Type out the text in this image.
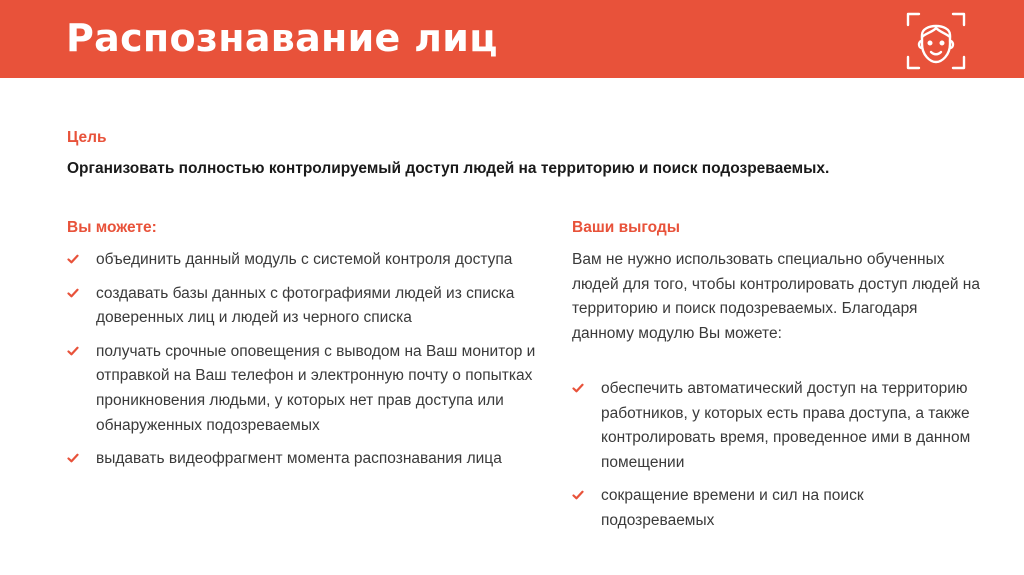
Распознавание лиц
Цель
Организовать полностью контролируемый доступ людей на территорию и поиск подозреваемых.
Вы можете:
объединить данный модуль с системой контроля доступа
создавать базы данных с фотографиями людей из списка доверенных лиц и людей из черного списка
получать срочные оповещения с выводом на Ваш монитор и отправкой на Ваш телефон и электронную почту о попытках проникновения людьми, у которых нет прав доступа или обнаруженных подозреваемых
выдавать видеофрагмент момента распознавания лица
Ваши выгоды
Вам не нужно использовать специально обученных людей для того, чтобы контролировать доступ людей на территорию и поиск подозреваемых. Благодаря данному модулю Вы можете:
обеспечить автоматический доступ на территорию работников, у которых есть права доступа, а также контролировать время, проведенное ими в данном помещении
сокращение времени и сил на поиск подозреваемых
